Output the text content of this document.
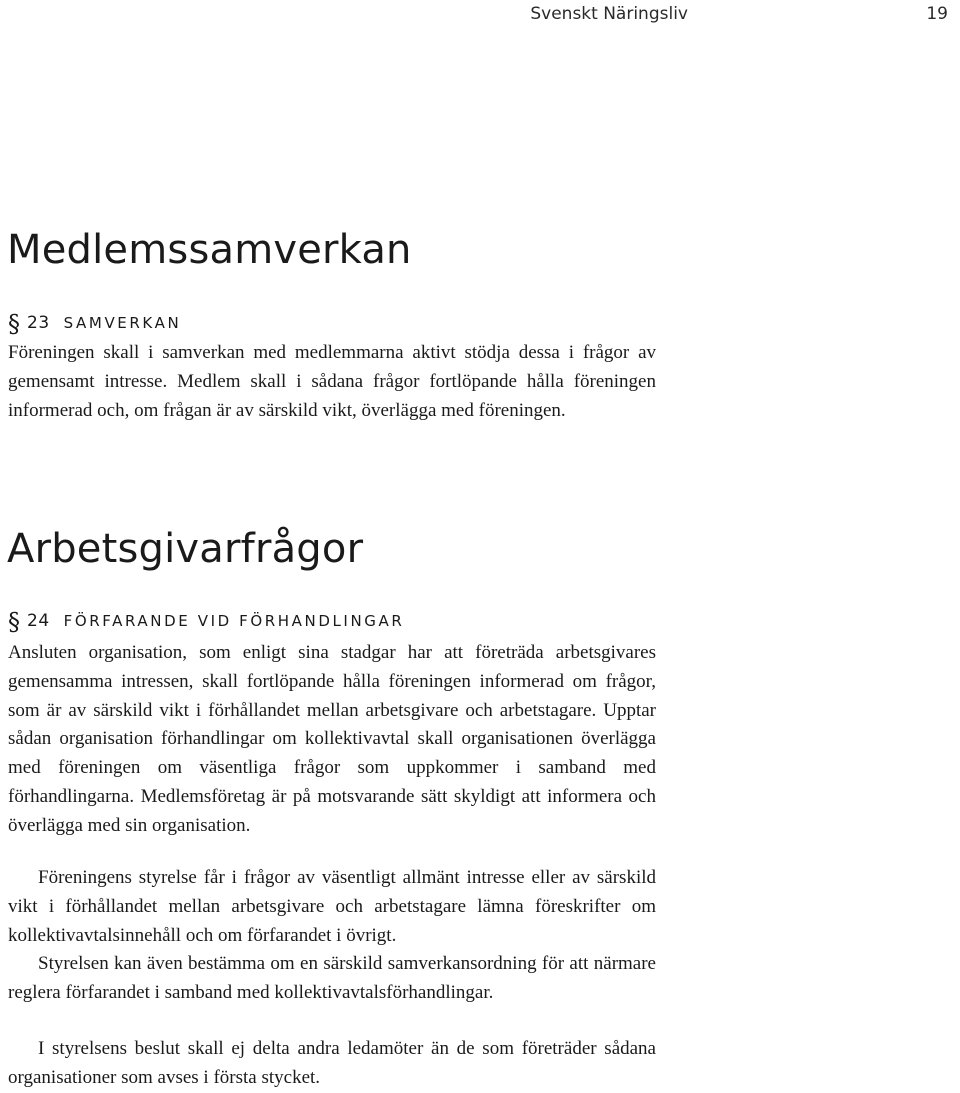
Svenskt Näringsliv	19
Medlemssamverkan
§ 23 SAMVERKAN

Föreningen skall i samverkan med medlemmarna aktivt stödja dessa i frågor av gemensamt intresse. Medlem skall i sådana frågor fortlöpande hålla föreningen informerad och, om frågan är av särskild vikt, överlägga med föreningen.

Arbetsgivarfrågor
§ 24 FÖRFARANDE VID FÖRHANDLINGAR

Ansluten organisation, som enligt sina stadgar har att företräda arbetsgivares gemensamma intressen, skall fortlöpande hålla föreningen informerad om frågor, som är av särskild vikt i förhållandet mellan arbetsgivare och arbetstagare. Upptar sådan organisation förhandlingar om kollektivavtal skall organisationen överlägga med föreningen om väsentliga frågor som uppkommer i samband med förhandlingarna. Medlemsföretag är på motsvarande sätt skyldigt att informera och överlägga med sin organisation.

Föreningens styrelse får i frågor av väsentligt allmänt intresse eller av särskild vikt i förhållandet mellan arbetsgivare och arbetstagare lämna föreskrifter om kollektivavtalsinnehåll och om förfarandet i övrigt.

Styrelsen kan även bestämma om en särskild samverkansordning för att närmare reglera förfarandet i samband med kollektivavtalsförhandlingar.

I styrelsens beslut skall ej delta andra ledamöter än de som företräder sådana organisationer som avses i första stycket.
